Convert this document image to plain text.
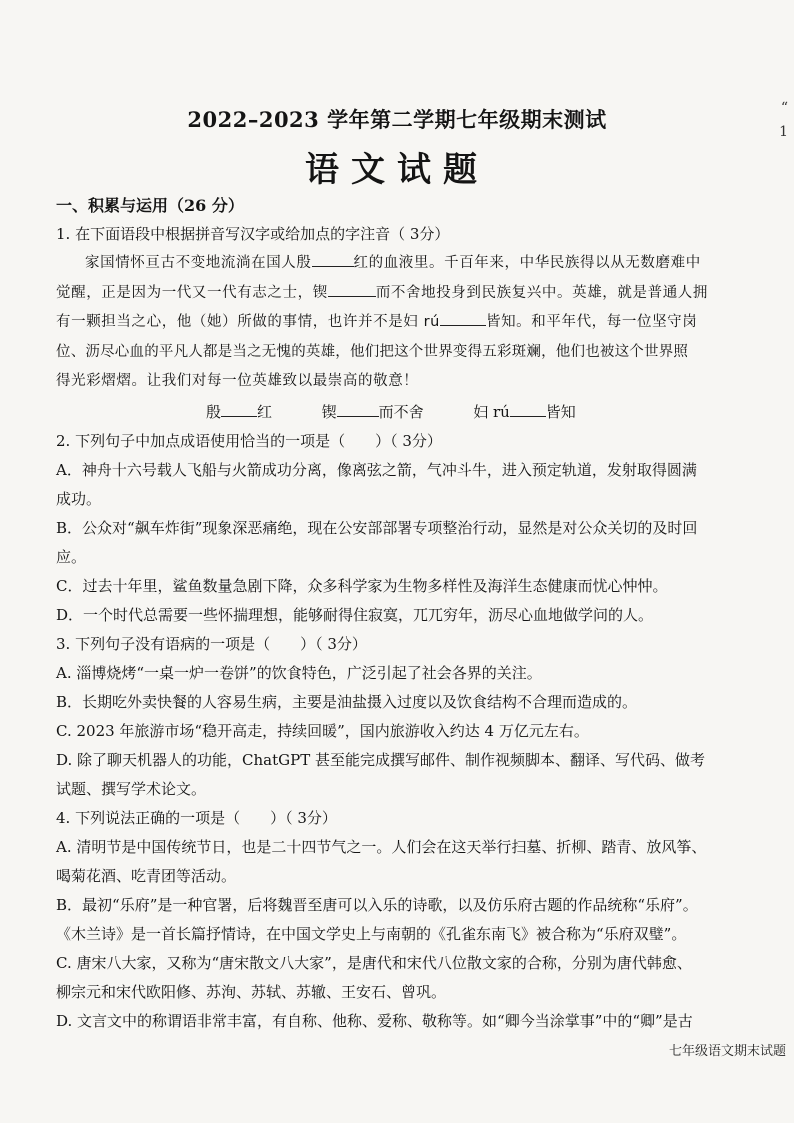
“
1
2022–2023 学年第二学期七年级期末测试
语文试题
一、积累与运用（26 分）

1. 在下面语段中根据拼音写汉字或给加点的字注音（ 3分）

家国情怀亘古不变地流淌在国人殷	红的血液里。千百年来，中华民族得以从无数磨难中

觉醒，正是因为一代又一代有志之士，锲	而不舍地投身到民族复兴中。英雄，就是普通人拥

有一颗担当之心，他（她）所做的事情，也许并不是妇 rú	皆知。和平年代，每一位坚守岗

位、沥尽心血的平凡人都是当之无愧的英雄，他们把这个世界变得五彩斑斓，他们也被这个世界照

得光彩熠熠。让我们对每一位英雄致以最崇高的敬意！

殷 红	锲	而不舍	妇 rú 皆知

2. 下列句子中加点成语使用恰当的一项是（　　）（ 3分）

A．神舟十六号载人飞船与火箭成功分离，像离弦之箭，气冲斗牛，进入预定轨道，发射取得圆满

成功。

B．公众对“飙车炸街”现象深恶痛绝，现在公安部部署专项整治行动，显然是对公众关切的及时回

应。

C．过去十年里，鲨鱼数量急剧下降，众多科学家为生物多样性及海洋生态健康而忧心忡忡。

D．一个时代总需要一些怀揣理想，能够耐得住寂寞，兀兀穷年，沥尽心血地做学问的人。

3. 下列句子没有语病的一项是（　　）（ 3分）

A. 淄博烧烤“一桌一炉一卷饼”的饮食特色，广泛引起了社会各界的关注。

B．长期吃外卖快餐的人容易生病，主要是油盐摄入过度以及饮食结构不合理而造成的。

C. 2023 年旅游市场“稳开高走，持续回暖”，国内旅游收入约达 4 万亿元左右。

D. 除了聊天机器人的功能，ChatGPT 甚至能完成撰写邮件、制作视频脚本、翻译、写代码、做考

试题、撰写学术论文。

4. 下列说法正确的一项是（　　）（ 3分）

A. 清明节是中国传统节日，也是二十四节气之一。人们会在这天举行扫墓、折柳、踏青、放风筝、

喝菊花酒、吃青团等活动。

B．最初“乐府”是一种官署，后将魏晋至唐可以入乐的诗歌，以及仿乐府古题的作品统称“乐府”。

《木兰诗》是一首长篇抒情诗，在中国文学史上与南朝的《孔雀东南飞》被合称为“乐府双璧”。

C. 唐宋八大家，又称为“唐宋散文八大家”，是唐代和宋代八位散文家的合称，分别为唐代韩愈、

柳宗元和宋代欧阳修、苏洵、苏轼、苏辙、王安石、曾巩。

D. 文言文中的称谓语非常丰富，有自称、他称、爱称、敬称等。如“卿今当涂掌事”中的“卿”是古

七年级语文期末试题
